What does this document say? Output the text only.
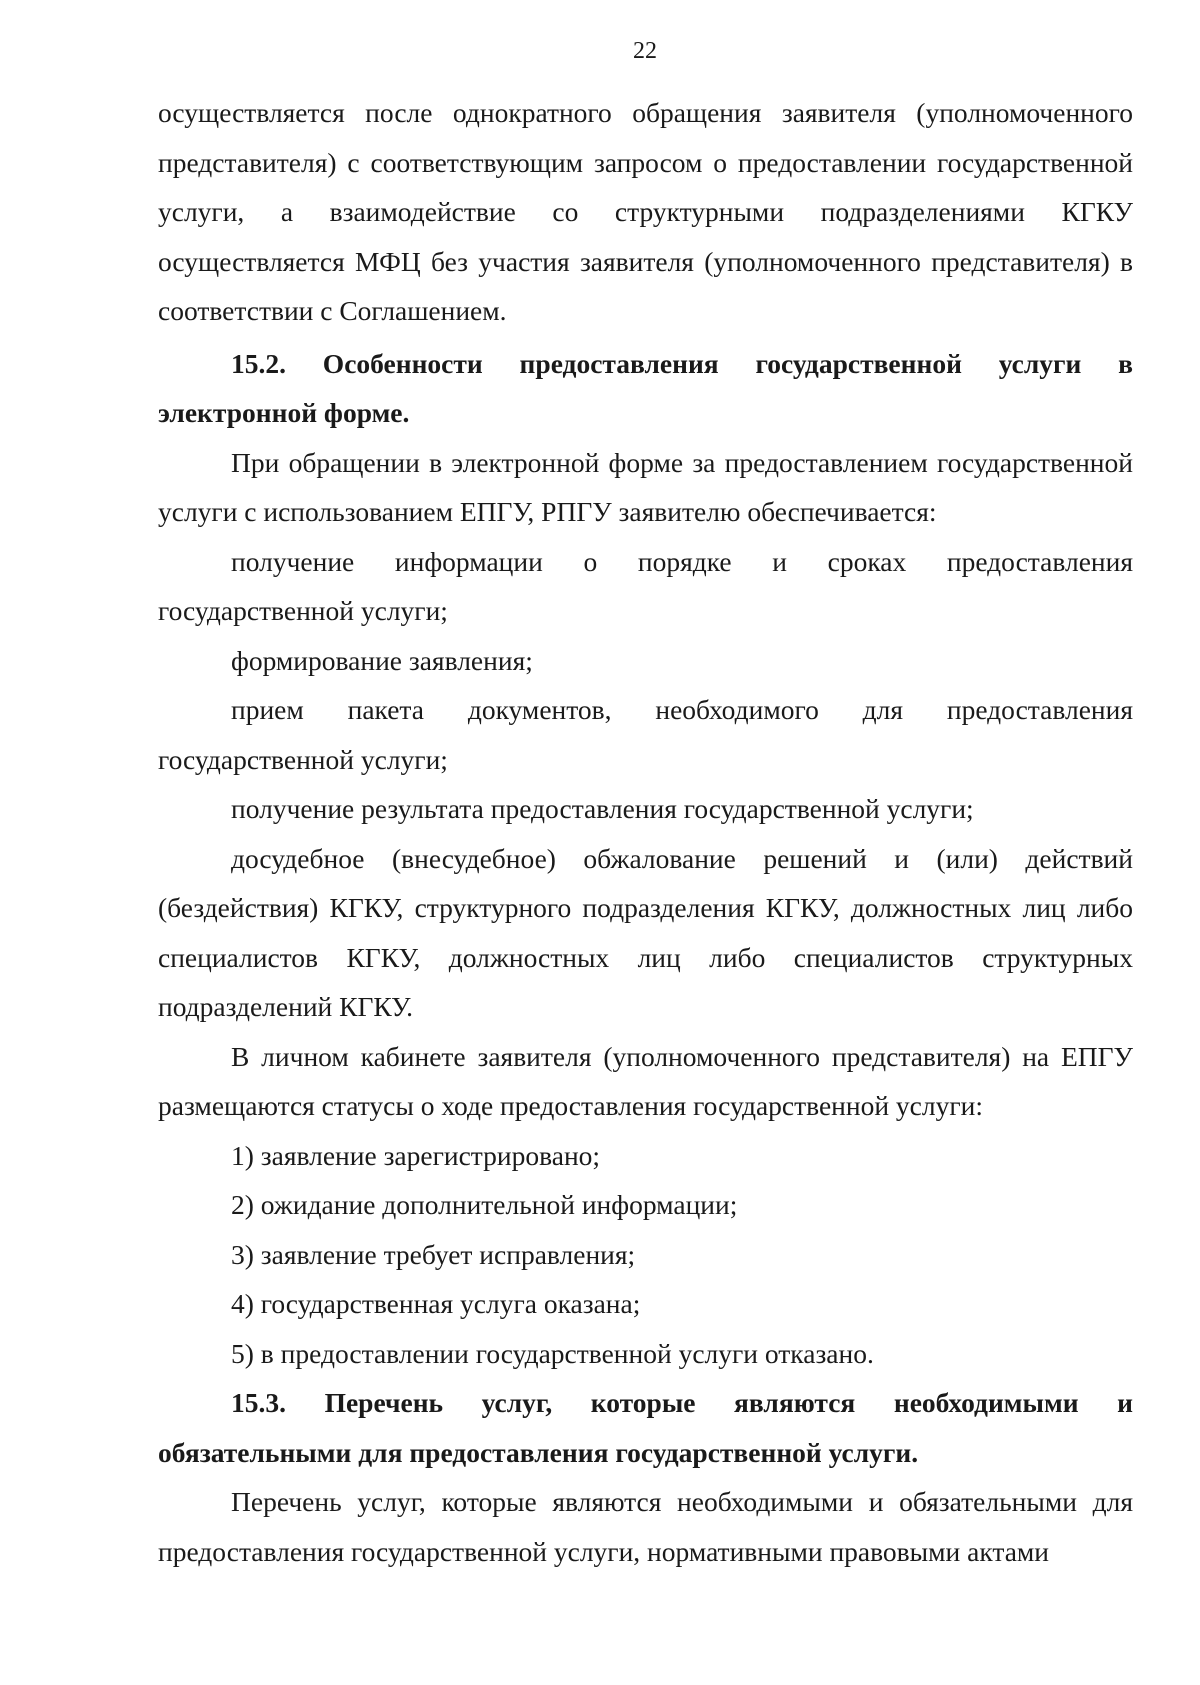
22

осуществляется после однократного обращения заявителя (уполномоченного представителя) с соответствующим запросом о предоставлении государственной услуги, а взаимодействие со структурными подразделениями КГКУ осуществляется МФЦ без участия заявителя (уполномоченного представителя) в соответствии с Соглашением.

15.2. Особенности предоставления государственной услуги в электронной форме.

При обращении в электронной форме за предоставлением государственной услуги с использованием ЕПГУ, РПГУ заявителю обеспечивается:

получение информации о порядке и сроках предоставления государственной услуги;

формирование заявления;

прием пакета документов, необходимого для предоставления государственной услуги;

получение результата предоставления государственной услуги;

досудебное (внесудебное) обжалование решений и (или) действий (бездействия) КГКУ, структурного подразделения КГКУ, должностных лиц либо специалистов КГКУ, должностных лиц либо специалистов структурных подразделений КГКУ.

В личном кабинете заявителя (уполномоченного представителя) на ЕПГУ размещаются статусы о ходе предоставления государственной услуги:

1) заявление зарегистрировано;

2) ожидание дополнительной информации;

3) заявление требует исправления;

4) государственная услуга оказана;

5) в предоставлении государственной услуги отказано.

15.3. Перечень услуг, которые являются необходимыми и обязательными для предоставления государственной услуги.

Перечень услуг, которые являются необходимыми и обязательными для предоставления государственной услуги, нормативными правовыми актами
